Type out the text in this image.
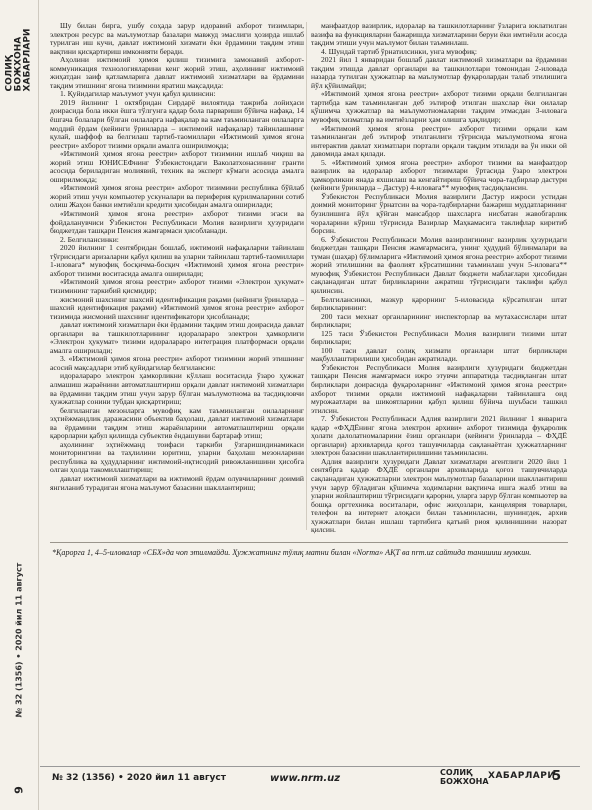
СОЛИҚ БОЖХОНА ХАБАРЛАРИ
№ 32 (1356) • 2020 йил 11 август
9

Шу билан бирга, ушбу соҳада зарур идоравий ахборот тизимлари, электрон ресурс ва маълумотлар базалари мавжуд эмаслиги ҳозирда ишлаб турилган иш кучи, давлат ижтимоий хизмати ёки ёрдамини тақдим этиш вақтини қисқартириш имконияти беради.

Аҳолини ижтимоий ҳимоя қилиш тизимига замонавий ахборот-коммуникация технологияларини кенг жорий этиш, аҳолининг ижтимоий жиҳатдан заиф қатламларига давлат ижтимоий хизматлари ва ёрдамини тақдим этишнинг ягона тизимини яратиш мақсадида:

1. Қуйидагилар маълумот учун қабул қилинсин:

2019 йилнинг 1 октябридан Сирдарё вилоятида тажриба лойиҳаси доирасида бола икки ёшга тўлгунга қадар бола парвариши бўйича нафақа, 14 ёшгача болалари бўлган оилаларга нафақалар ва кам таъминланган оилаларга моддий ёрдам (кейинги ўринларда – ижтимоий нафақалар) тайинлашнинг қулай, шаффоф ва белгилаш тартиб-таомиллари «Ижтимоий ҳимоя ягона реестри» ахборот тизими орқали амалга оширилмоқда;

«Ижтимоий ҳимоя ягона реестри» ахборот тизимини ишлаб чиқиш ва жорий этиш ЮНИСЕФнинг Ўзбекистондаги Ваколатхонасининг гранти асосида бериладиган молиявий, техник ва эксперт кўмаги асосида амалга оширилмоқда;

«Ижтимоий ҳимоя ягона реестри» ахборот тизимини республика бўйлаб жорий этиш учун компьютер ускуналари ва периферия қурилмаларини сотиб олиш Жаҳон банки имтиёзли кредити ҳисобидан амалга оширилади;

«Ижтимоий ҳимоя ягона реестри» ахборот тизими эгаси ва фойдаланувчиси Ўзбекистон Республикаси Молия вазирлиги ҳузуридаги бюджетдан ташқари Пенсия жамғармаси ҳисобланади.

2. Белгилансинки:

2020 йилнинг 1 сентябридан бошлаб, ижтимоий нафақаларни тайинлаш тўғрисидаги аризаларни қабул қилиш ва уларни тайинлаш тартиб-таомиллари 1-иловага* мувофиқ босқичма-босқич «Ижтимоий ҳимоя ягона реестри» ахборот тизими воситасида амалга оширилади;

«Ижтимоий ҳимоя ягона реестри» ахборот тизими «Электрон ҳукумат» тизимининг таркибий қисмидир;

жисмоний шахснинг шахсий идентификация рақами (кейинги ўринларда – шахсий идентификация рақами) «Ижтимоий ҳимоя ягона реестри» ахборот тизимида жисмоний шахснинг идентификатори ҳисобланади;

давлат ижтимоий хизматлари ёки ёрдамини тақдим этиш доирасида давлат органлари ва ташкилотларининг идоралараро электрон ҳамкорлиги «Электрон ҳукумат» тизими идоралараро интеграция платформаси орқали амалга оширилади;

3. «Ижтимоий ҳимоя ягона реестри» ахборот тизимини жорий этишнинг асосий мақсадлари этиб қуйидагилар белгилансин:

идоралараро электрон ҳамкорликни кўллаш воситасида ўзаро ҳужжат алмашиш жараёнини автоматлаштириш орқали давлат ижтимоий хизматлари ва ёрдамини тақдим этиш учун зарур бўлган маълумотнома ва тасдиқловчи ҳужжатлар сонини тубдан қисқартириш;

белгиланган мезонларга мувофиқ кам таъминланган оилаларнинг эҳтиёжмандлик даражасини объектив баҳолаш, давлат ижтимоий хизматлари ва ёрдамини тақдим этиш жараёнларини автоматлаштириш орқали қарорларни қабул қилишда субъектив ёндашувни бартараф этиш;

аҳолининг эҳтиёжманд тоифаси таркиби ўзгаришидинамикаси мониторингини ва таҳлилини юритиш, уларни баҳолаш мезонларини республика ва ҳудудларнинг ижтимоий-иқтисодий ривожланишини ҳисобга олган ҳолда такомиллаштириш;

давлат ижтимоий хизматлари ва ижтимоий ёрдам олувчиларнинг доимий янгиланиб турадиган ягона маълумот базасини шакллантириш;

манфаатдор вазирлик, идоралар ва ташкилотларнинг ўзларига юклатилган вазифа ва функцияларни бажаришда хизматларини беруи ёки имтиёзли асосда тақдим этиши учун маълумот билан таъминлаш.

4. Шундай тартиб ўрнатилсинки, унга мувофиқ:

2021 йил 1 январидан бошлаб давлат ижтимоий хизматлари ва ёрдамини тақдим этишда давлат органлари ва ташкилотлари томонидан 2-иловада назарда тутилган ҳужжатлар ва маълумотлар фуқаролардан талаб этилишига йўл қўйилмайди;

«Ижтимоий ҳимоя ягона реестри» ахборот тизими орқали белгиланган тартибда кам таъминланган деб эътироф этилган шахслар ёки оилалар қўшимча ҳужжатлар ва маълумотномаларни тақдим этмасдан 3-иловага мувофиқ хизматлар ва имтиёзларни ҳам олишга ҳақлидир;

«Ижтимоий ҳимоя ягона реестри» ахборот тизими орқали кам таъминланган деб эътироф этилганлиги тўғрисида маълумотнома ягона интерактив давлат хизматлари портали орқали тақдим этилади ва ўн икки ой давомида амал қилади.

5. «Ижтимоий ҳимоя ягона реестри» ахборот тизими ва манфаатдор вазирлик ва идоралар ахборот тизимлари ўртасида ўзаро электрон ҳамкорликни янада яхшилаш ва кенгайтириш бўйича чора-тадбирлар дастури (кейинги ўринларда – Дастур) 4-иловага** мувофиқ тасдиқлансин.

Ўзбекистон Республикаси Молия вазирлиги Дастур ижроси устидан доимий мониторинг ўрнатсин ва чора-тадбирларни бажариш муддатларининг бузилишига йўл қўйган мансабдор шахсларга нисбатан жавобгарлик чораларини кўриш тўғрисида Вазирлар Маҳкамасига таклифлар киритиб борсин.

6. Ўзбекистон Республикаси Молия вазирлигининг вазирлик ҳузуридаги бюджетдан ташқари Пенсия жамғармасига, унинг ҳудудий бўлинмалари ва туман (шаҳар) бўлимларига «Ижтимоий ҳимоя ягона реестри» ахборот тизими жорий этилишини ва фаолият кўрсатишини таъминлаш учун 5-иловага** мувофиқ Ўзбекистон Республикаси Давлат бюджети маблағлари ҳисобидан сақланадиган штат бирликларини ажратиш тўғрисидаги таклифи қабул қилинсин.

Белгилансинки, мазкур қарорнинг 5-иловасида кўрсатилган штат бирликларининг:

200 таси мехнат органларининг инспекторлар ва мутахассислари штат бирликлари;

125 таси Ўзбекистон Республикаси Молия вазирлиги тизими штат бирликлари;

100 таси давлат солиқ хизмати органлари штат бирликлари мақбуллаштирилиши ҳисобидан ажратилади.

Ўзбекистон Республикаси Молия вазирлиги ҳузуридаги бюджетдан ташқари Пенсия жамғармаси ижро этувчи аппаратида тасдиқланган штат бирликлари доирасида фуқароларнинг «Ижтимоий ҳимоя ягона реестри» ахборот тизими орқали ижтимоий нафақаларни тайинлашга оид мурожаатлари ва шикоятларини қабул қилиш бўйича шуъбаси ташкил этилсин.

7. Ўзбекистон Республикаси Адлия вазирлиги 2021 йилнинг 1 январига қадар «ФҲДЁнинг ягона электрон архиви» ахборот тизимида фуқаролик ҳолати далолатномаларини ёзиш органлари (кейинги ўринларда – ФҲДЁ органлари) архивларида қоғоз ташувчиларда сақланаётган ҳужжатларнинг электрон базасини шакллантирилишини таъминласин.

Адлия вазирлиги ҳузуридаги Давлат хизматлари агентлиги 2020 йил 1 сентябрга қадар ФҲДЁ органлари архивларида қоғоз ташувчиларда сақланадиган ҳужжатларни электрон маълумотлар базаларини шакллантириш учун зарур бўладиган қўшимча ходимларни вақтинча ишга жалб этиш ва уларни жойлаштириш тўғрисидаги қарорни, уларга зарур бўлган компьютер ва бошқа оргтехника воситалари, офис жиҳозлари, канцелярия товарлари, телефон ва интернет алоқаси билан таъминласин, шунингдек, архив ҳужжатлари билан ишлаш тартибига қатъий риоя қилинишини назорат қилсин.

*Қарорга 1, 4–5-иловалар «СБХ»да чоп этилмайди. Ҳужжатнинг тўлиқ матни билан «Norma» АҚТ ва nrm.uz сайтида танишиш мумкин.
№ 32 (1356) • 2020 йил 11 август	www.nrm.uz
СОЛИҚ
БОЖХОНА
ХАБАРЛАРИ
5
